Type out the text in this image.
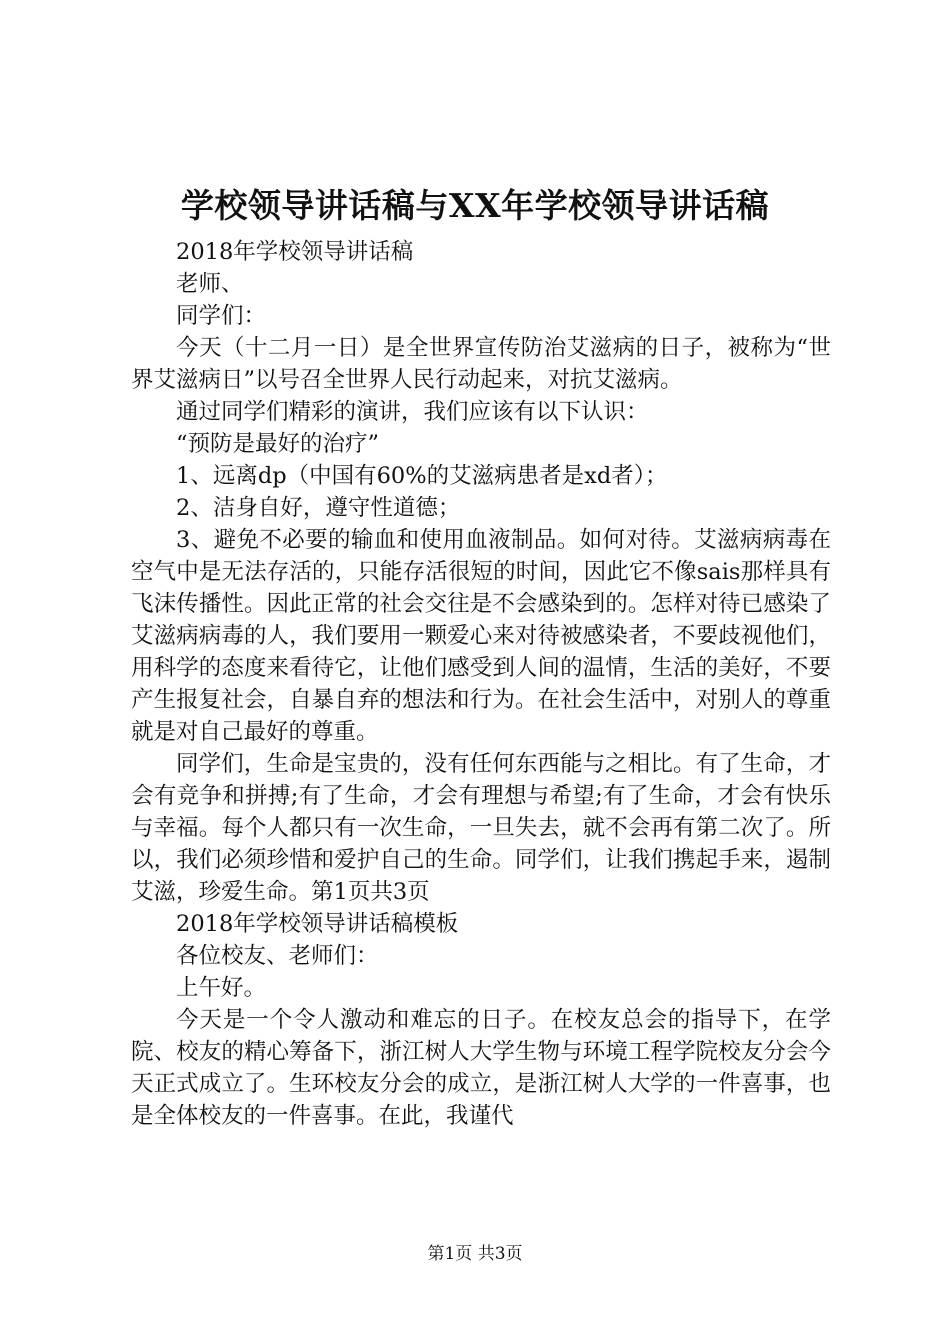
学校领导讲话稿与XX年学校领导讲话稿

2018年学校领导讲话稿

老师、

同学们：

今天（十二月一日）是全世界宣传防治艾滋病的日子，被称为“世界艾滋病日”以号召全世界人民行动起来，对抗艾滋病。

通过同学们精彩的演讲，我们应该有以下认识：

“预防是最好的治疗”

1、远离dp（中国有60%的艾滋病患者是xd者）；

2、洁身自好，遵守性道德；

3、避免不必要的输血和使用血液制品。如何对待。艾滋病病毒在空气中是无法存活的，只能存活很短的时间，因此它不像sais那样具有飞沫传播性。因此正常的社会交往是不会感染到的。怎样对待已感染了艾滋病病毒的人，我们要用一颗爱心来对待被感染者，不要歧视他们，用科学的态度来看待它，让他们感受到人间的温情，生活的美好，不要产生报复社会，自暴自弃的想法和行为。在社会生活中，对别人的尊重就是对自己最好的尊重。

同学们，生命是宝贵的，没有任何东西能与之相比。有了生命，才会有竞争和拼搏;有了生命，才会有理想与希望;有了生命，才会有快乐与幸福。每个人都只有一次生命，一旦失去，就不会再有第二次了。所以，我们必须珍惜和爱护自己的生命。同学们，让我们携起手来，遏制艾滋，珍爱生命。第1页共3页

2018年学校领导讲话稿模板

各位校友、老师们：

上午好。

今天是一个令人激动和难忘的日子。在校友总会的指导下，在学院、校友的精心筹备下，浙江树人大学生物与环境工程学院校友分会今天正式成立了。生环校友分会的成立，是浙江树人大学的一件喜事，也是全体校友的一件喜事。在此，我谨代

第1页 共3页
